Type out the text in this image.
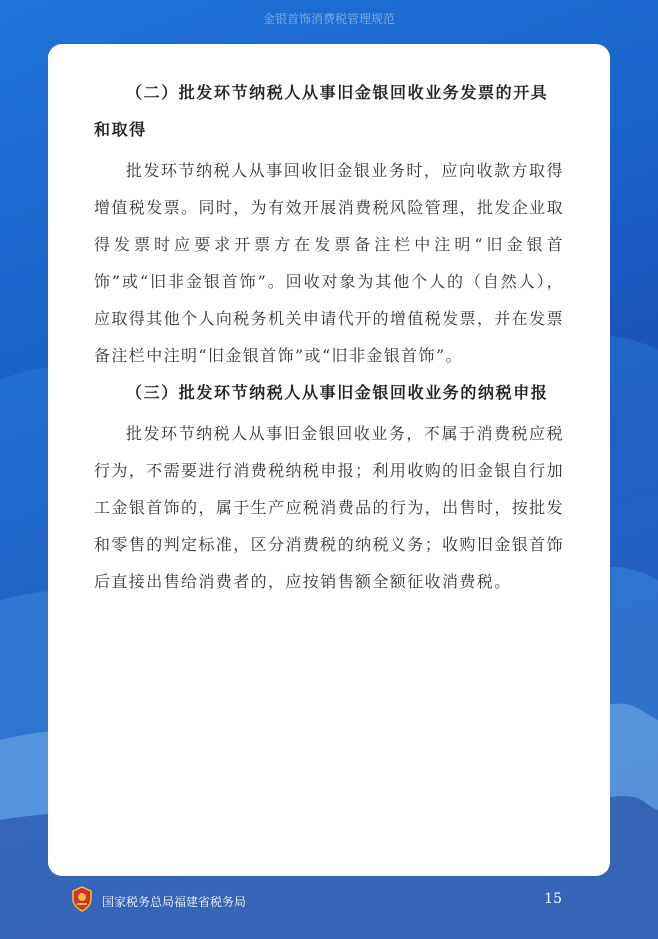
金银首饰消费税管理规范

（二）批发环节纳税人从事旧金银回收业务发票的开具和取得

批发环节纳税人从事回收旧金银业务时，应向收款方取得增值税发票。同时，为有效开展消费税风险管理，批发企业取得发票时应要求开票方在发票备注栏中注明“旧金银首饰”或“旧非金银首饰”。回收对象为其他个人的（自然人），应取得其他个人向税务机关申请代开的增值税发票，并在发票备注栏中注明“旧金银首饰”或“旧非金银首饰”。

（三）批发环节纳税人从事旧金银回收业务的纳税申报

批发环节纳税人从事旧金银回收业务，不属于消费税应税行为，不需要进行消费税纳税申报；利用收购的旧金银自行加工金银首饰的，属于生产应税消费品的行为，出售时，按批发和零售的判定标准，区分消费税的纳税义务；收购旧金银首饰后直接出售给消费者的，应按销售额全额征收消费税。

国家税务总局福建省税务局	15
